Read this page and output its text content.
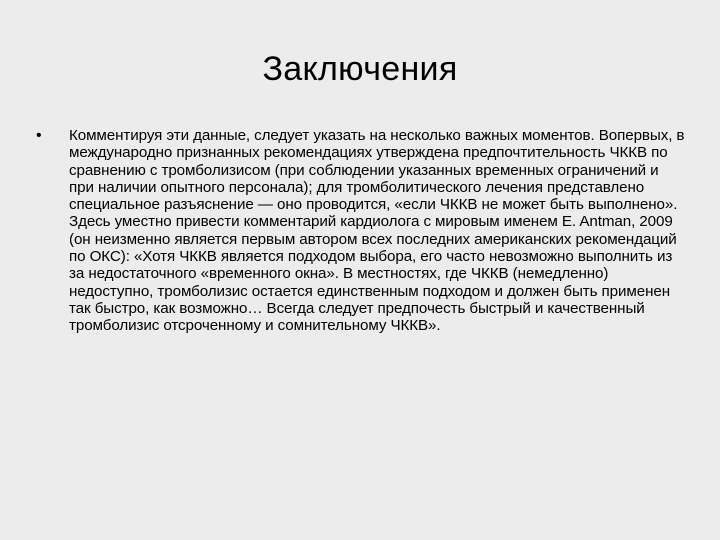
Заключения
•	Комментируя эти данные, следует указать на несколько важных моментов. Вопервых, в международно признанных рекомендациях утверждена предпочтительность ЧККВ по сравнению с тромболизисом (при соблюдении указанных временных ограничений и при наличии опытного персонала); для тромболитического лечения представлено специальное разъяснение — оно проводится, «если ЧККВ не может быть выполнено». Здесь уместно привести комментарий кардиолога с мировым именем E. Antman, 2009 (он неизменно является первым автором всех последних американских рекомендаций по ОКС): «Хотя ЧККВ является подходом выбора, его часто невозможно выполнить из за недостаточного «временного окна». В местностях, где ЧККВ (немедленно) недоступно, тромболизис остается единственным подходом и должен быть применен так быстро, как возможно… Всегда следует предпочесть быстрый и качественный тромболизис отсроченному и сомнительному ЧККВ».
